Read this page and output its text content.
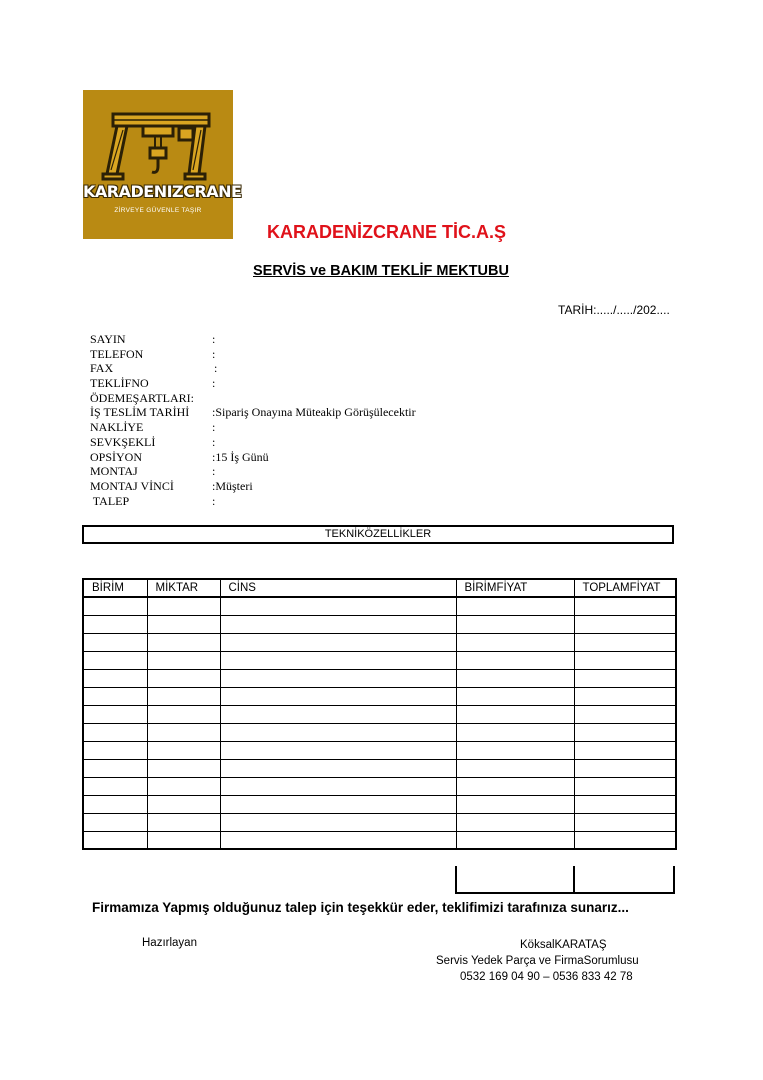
KARADENIZCRANE
ZİRVEYE GÜVENLE TAŞIR
KARADENİZCRANE TİC.A.Ş
SERVİS ve BAKIM TEKLİF MEKTUBU
TARİH:...../...../202....
SAYIN	:
TELEFON	:
FAX	:
TEKLİFNO	:
ÖDEMEŞARTLARI:
İŞ TESLİM TARİHİ :Sipariş Onayına Müteakip Görüşülecektir
NAKLİYE	:
SEVKŞEKLİ	:
OPSİYON	:15 İş Günü
MONTAJ	:
MONTAJ VİNCİ	:Müşteri
TALEP	:
TEKNİKÖZELLİKLER
BİRİM	MİKTAR	CİNS	BİRİMFİYAT	TOPLAMFİYAT

Firmamıza Yapmış olduğunuz talep için teşekkür eder, teklifimizi tarafınıza sunarız...
Hazırlayan	KöksalKARATAŞ
Servis Yedek Parça ve FirmaSorumlusu
0532 169 04 90 – 0536 833 42 78
